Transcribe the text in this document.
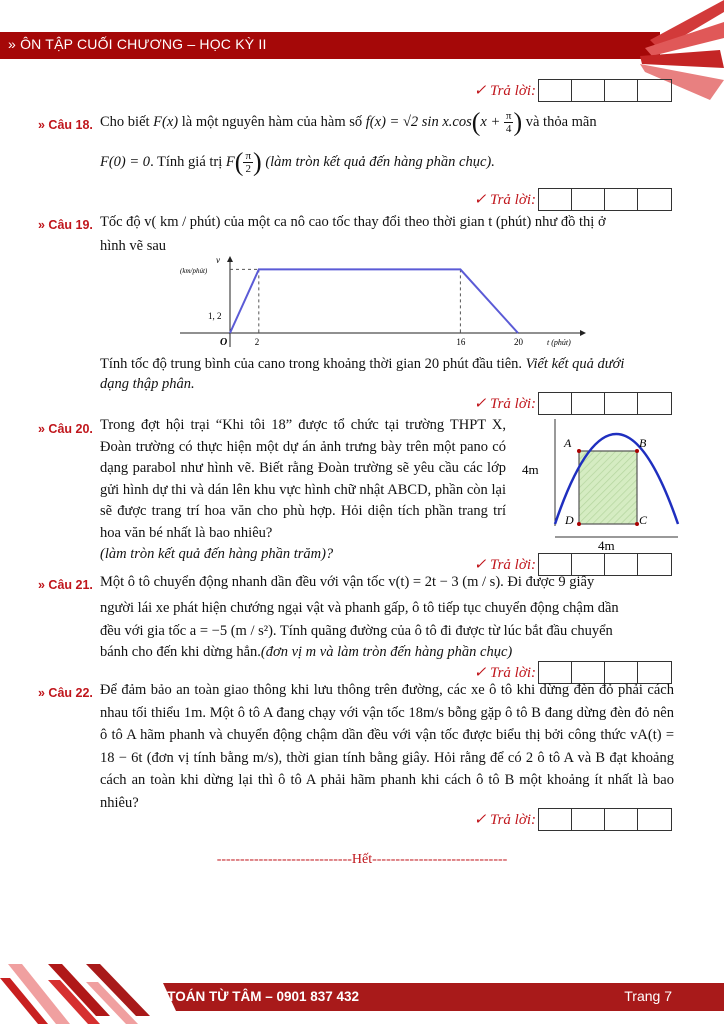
» ÔN TẬP CUỐI CHƯƠNG – HỌC KỲ II
✓ Trả lời:
» Câu 18. Cho biết F(x) là một nguyên hàm của hàm số f(x) = √2 $\sin x.\cos(x + \frac{\pi}{4}$ ) và thỏa mãn
F(0) = 0. Tính giá trị $F( \frac{\pi}{2}$ ) (làm tròn kết quả đến hàng phần chục).
✓ Trả lời:
» Câu 19. Tốc độ v( km / phút) của một ca nô cao tốc thay đổi theo thời gian t (phút) như đồ thị ở
hình vẽ sau
Tính tốc độ trung bình của cano trong khoảng thời gian 20 phút đầu tiên. Viết kết quả dưới
dạng thập phân.
v
(km/phút)
1, 2
O	2	16	20	t (phút)
✓ Trả lời:
» Câu 20. Trong đợt hội trại “Khi tôi 18” được tổ chức tại trường THPT X, Đoàn trường có thực hiện một dự án ảnh trưng bày trên một pano có dạng parabol như hình vẽ. Biết rằng Đoàn trường sẽ yêu cầu các lớp gửi hình dự thi và dán lên khu vực hình chữ nhật ABCD, phần còn lại sẽ được trang trí hoa văn cho phù hợp. Hỏi diện tích phần trang trí hoa văn bé nhất là bao nhiêu?
(làm tròn kết quả đến hàng phần trăm)?
4m
4m
A	B
C
D
✓ Trả lời:
» Câu 21. Một ô tô chuyển động nhanh dần đều với vận tốc v(t) = 2t − 3 (m / s). Đi được 9 giây
người lái xe phát hiện chướng ngại vật và phanh gấp, ô tô tiếp tục chuyển động chậm dần
đều với gia tốc a = −5 (m / s²). Tính quãng đường của ô tô đi được từ lúc bắt đầu chuyển
bánh cho đến khi dừng hẳn.(đơn vị m và làm tròn đến hàng phần chục)
✓ Trả lời:
» Câu 22. Để đảm bảo an toàn giao thông khi lưu thông trên đường, các xe ô tô khi dừng đèn đỏ phải cách nhau tối thiểu 1m. Một ô tô A đang chạy với vận tốc 18m/s bỗng gặp ô tô B đang dừng đèn đỏ nên ô tô A hãm phanh và chuyển động chậm dần đều với vận tốc được biểu thị bởi công thức vA(t) = 18 − 6t (đơn vị tính bằng m/s), thời gian tính bằng giây. Hỏi rằng để có 2 ô tô A và B đạt khoảng cách an toàn khi dừng lại thì ô tô A phải hãm phanh khi cách ô tô B một khoảng ít nhất là bao nhiêu?
✓ Trả lời:
-----------------------------Hết-----------------------------
Trang 7
» TOÁN TỪ TÂM – 0901 837 432
